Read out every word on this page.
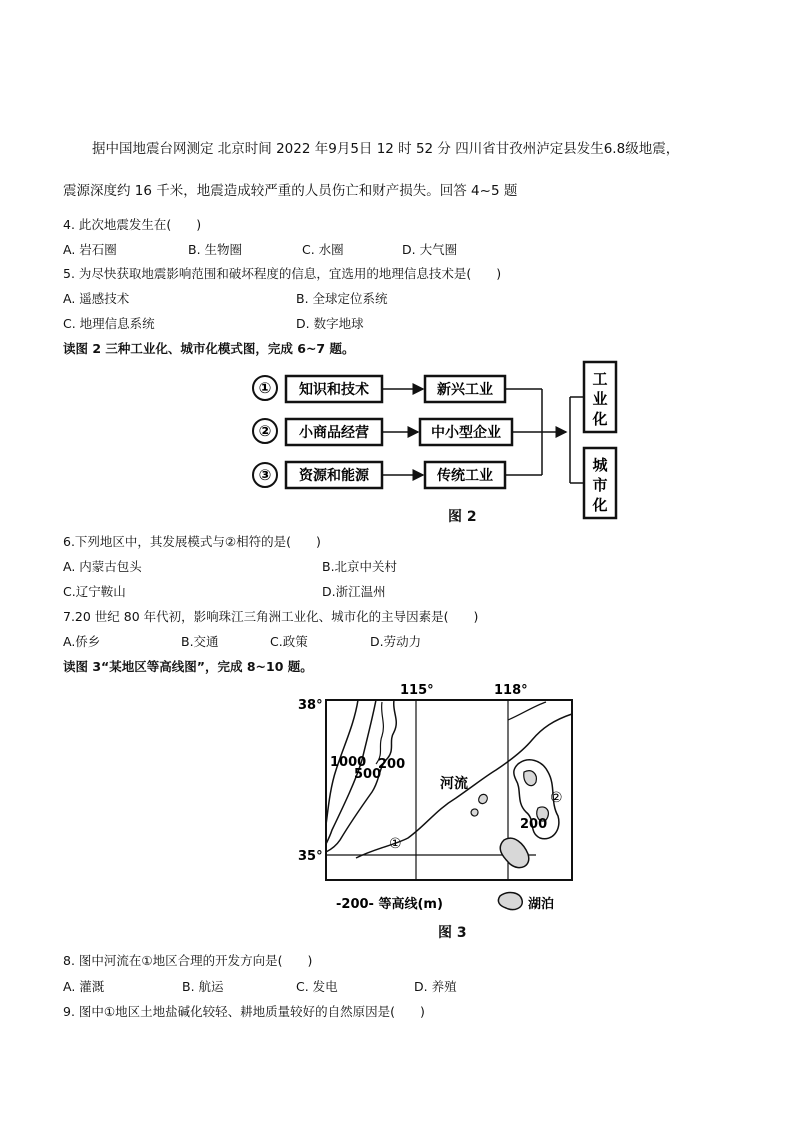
据中国地震台网测定 北京时间 2022 年9月5日 12 时 52 分 四川省甘孜州泸定县发生6.8级地震，
震源深度约 16 千米，地震造成较严重的人员伤亡和财产损失。回答 4~5 题
4. 此次地震发生在(　　)
A. 岩石圈	B. 生物圈	C. 水圈	D. 大气圈
5. 为尽快获取地震影响范围和破坏程度的信息，宜选用的地理信息技术是(　　)
A. 遥感技术	B. 全球定位系统
C. 地理信息系统	D. 数字地球
读图 2 三种工业化、城市化模式图，完成 6~7 题。
①
②
③
知识和技术
小商品经营
资源和能源
新兴工业
中小型企业
传统工业
工
业
化
城
市
化
图 2
6.下列地区中，其发展模式与②相符的是(　　)
A. 内蒙古包头	B.北京中关村
C.辽宁鞍山	D.浙江温州
7.20 世纪 80 年代初，影响珠江三角洲工业化、城市化的主导因素是(　　)
A.侨乡	B.交通	C.政策	D.劳动力
读图 3“某地区等高线图”，完成 8~10 题。
38°
115°	118°
35°
1000
500
200
河流
①
②
200
-200- 等高线(m)	湖泊
图 3
8. 图中河流在①地区合理的开发方向是(　　)
A. 灌溉	B. 航运	C. 发电	D. 养殖
9. 图中①地区土地盐碱化较轻、耕地质量较好的自然原因是(　　)
